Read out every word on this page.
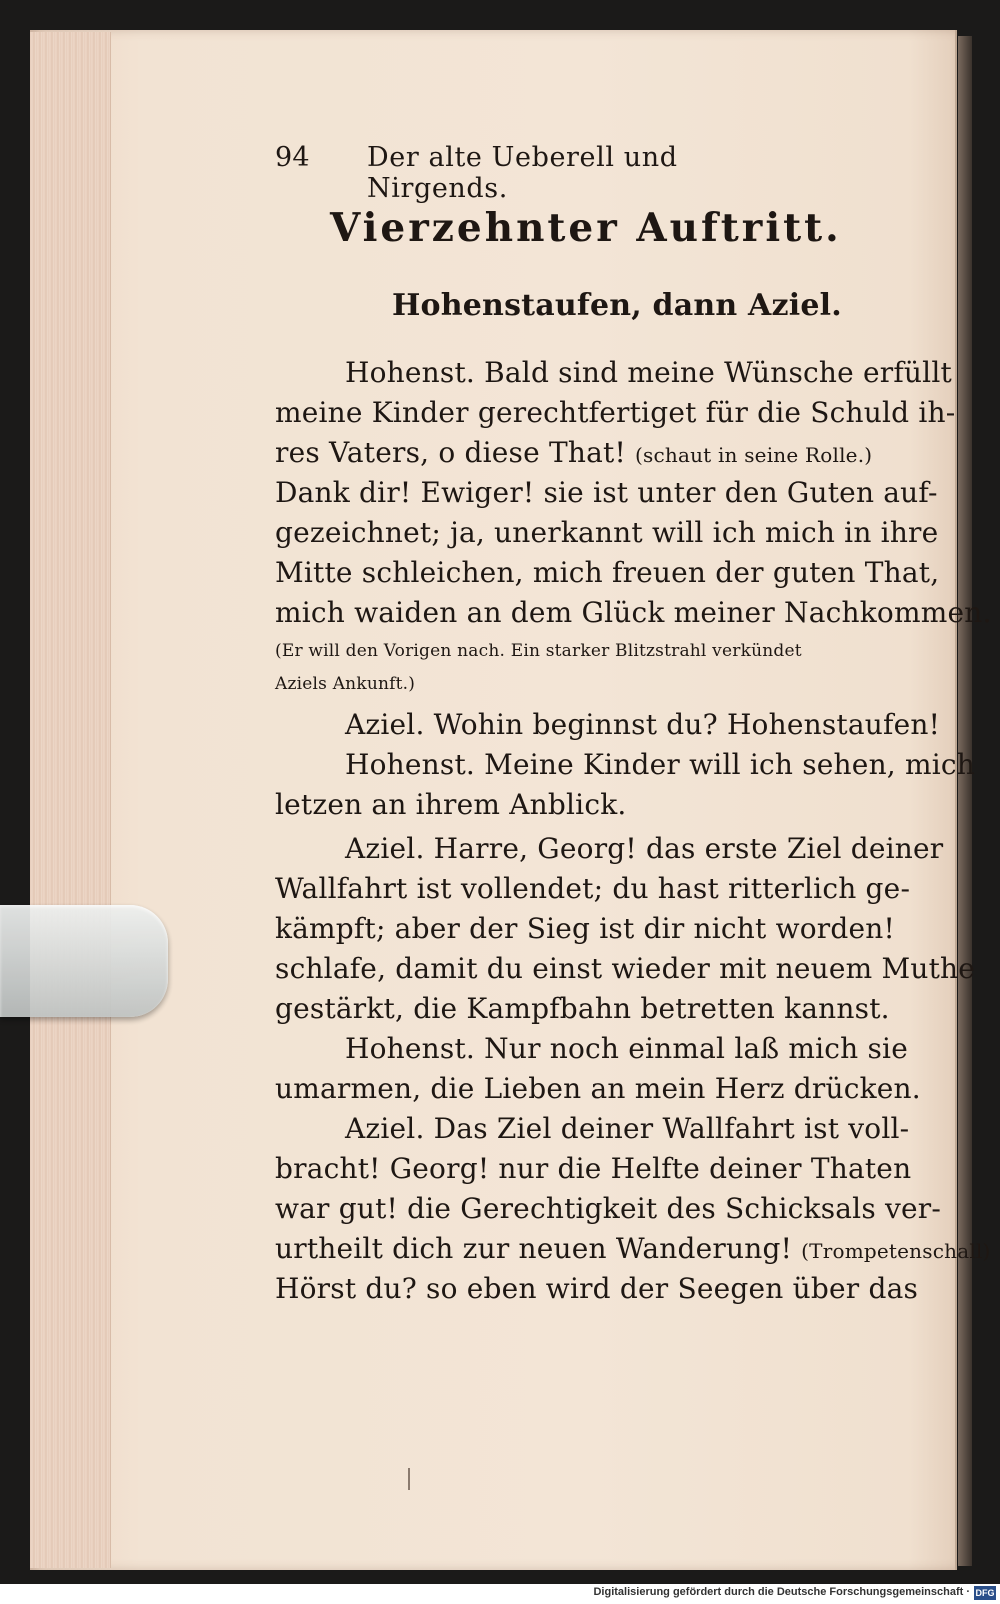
94 Der alte Ueberell und Nirgends.
Vierzehnter Auftritt.
Hohenstaufen, dann Aziel.
Hohenst. Bald sind meine Wünsche erfüllt
meine Kinder gerechtfertiget für die Schuld ih-
res Vaters, o diese That! (schaut in seine Rolle.)
Dank dir! Ewiger! sie ist unter den Guten auf-
gezeichnet; ja, unerkannt will ich mich in ihre
Mitte schleichen, mich freuen der guten That,
mich waiden an dem Glück meiner Nachkommen.
(Er will den Vorigen nach. Ein starker Blitzstrahl verkündet
Aziels Ankunft.)
Aziel. Wohin beginnst du? Hohenstaufen!
Hohenst. Meine Kinder will ich sehen, mich
letzen an ihrem Anblick.
Aziel. Harre, Georg! das erste Ziel deiner
Wallfahrt ist vollendet; du hast ritterlich ge-
kämpft; aber der Sieg ist dir nicht worden!
schlafe, damit du einst wieder mit neuem Muthe
gestärkt, die Kampfbahn betretten kannst.
Hohenst. Nur noch einmal laß mich sie
umarmen, die Lieben an mein Herz drücken.
Aziel. Das Ziel deiner Wallfahrt ist voll-
bracht! Georg! nur die Helfte deiner Thaten
war gut! die Gerechtigkeit des Schicksals ver-
urtheilt dich zur neuen Wanderung! (Trompetenschall)
Hörst du? so eben wird der Seegen über das
Digitalisierung gefördert durch die Deutsche Forschungsgemeinschaft · DFG
